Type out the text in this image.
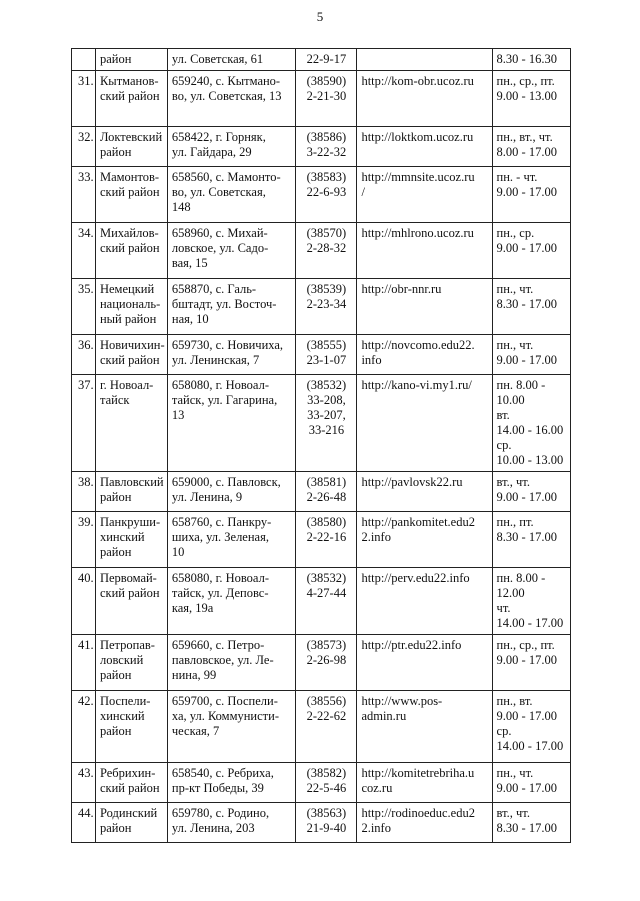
5
	район	ул. Советская, 61	22-9-17		8.30 - 16.30
31.	Кытманов-
ский район	659240, с. Кытмано-
во, ул. Советская, 13	(38590)
2-21-30	http://kom-obr.ucoz.ru	пн., ср., пт.
9.00 - 13.00
32.	Локтевский
район	658422, г. Горняк,
ул. Гайдара, 29	(38586)
3-22-32	http://loktkom.ucoz.ru	пн., вт., чт.
8.00 - 17.00
33.	Мамонтов-
ский район	658560, с. Мамонто-
во, ул. Советская,
148	(38583)
22-6-93	http://mmnsite.ucoz.ru
/	пн. - чт.
9.00 - 17.00
34.	Михайлов-
ский район	658960, с. Михай-
ловское, ул. Садо-
вая, 15	(38570)
2-28-32	http://mhlrono.ucoz.ru	пн., ср.
9.00 - 17.00
35.	Немецкий
националь-
ный район	658870, с. Галь-
бштадт, ул. Восточ-
ная, 10	(38539)
2-23-34	http://obr-nnr.ru	пн., чт.
8.30 - 17.00
36.	Новичихин-
ский район	659730, с. Новичиха,
ул. Ленинская, 7	(38555)
23-1-07	http://novcomo.edu22.
info	пн., чт.
9.00 - 17.00
37.	г. Новоал-
тайск	658080, г. Новоал-
тайск, ул. Гагарина,
13	(38532)
33-208,
33-207,
33-216	http://kano-vi.my1.ru/	пн. 8.00 - 10.00
вт.
14.00 - 16.00
ср.
10.00 - 13.00
38.	Павловский
район	659000, с. Павловск,
ул. Ленина, 9	(38581)
2-26-48	http://pavlovsk22.ru	вт., чт.
9.00 - 17.00
39.	Панкруши-
хинский
район	658760, с. Панкру-
шиха, ул. Зеленая,
10	(38580)
2-22-16	http://pankomitet.edu2
2.info	пн., пт.
8.30 - 17.00
40.	Первомай-
ский район	658080, г. Новоал-
тайск, ул. Деповс-
кая, 19а	(38532)
4-27-44	http://perv.edu22.info	пн. 8.00 - 12.00
чт.
14.00 - 17.00
41.	Петропав-
ловский
район	659660, с. Петро-
павловское, ул. Ле-
нина, 99	(38573)
2-26-98	http://ptr.edu22.info	пн., ср., пт.
9.00 - 17.00
42.	Поспели-
хинский
район	659700, с. Поспели-
ха, ул. Коммунисти-
ческая, 7	(38556)
2-22-62	http://www.pos-
admin.ru	пн., вт.
9.00 - 17.00
ср.
14.00 - 17.00
43.	Ребрихин-
ский район	658540, с. Ребриха,
пр-кт Победы, 39	(38582)
22-5-46	http://komitetrebriha.u
coz.ru	пн., чт.
9.00 - 17.00
44.	Родинский
район	659780, с. Родино,
ул. Ленина, 203	(38563)
21-9-40	http://rodinoeduc.edu2
2.info	вт., чт.
8.30 - 17.00
